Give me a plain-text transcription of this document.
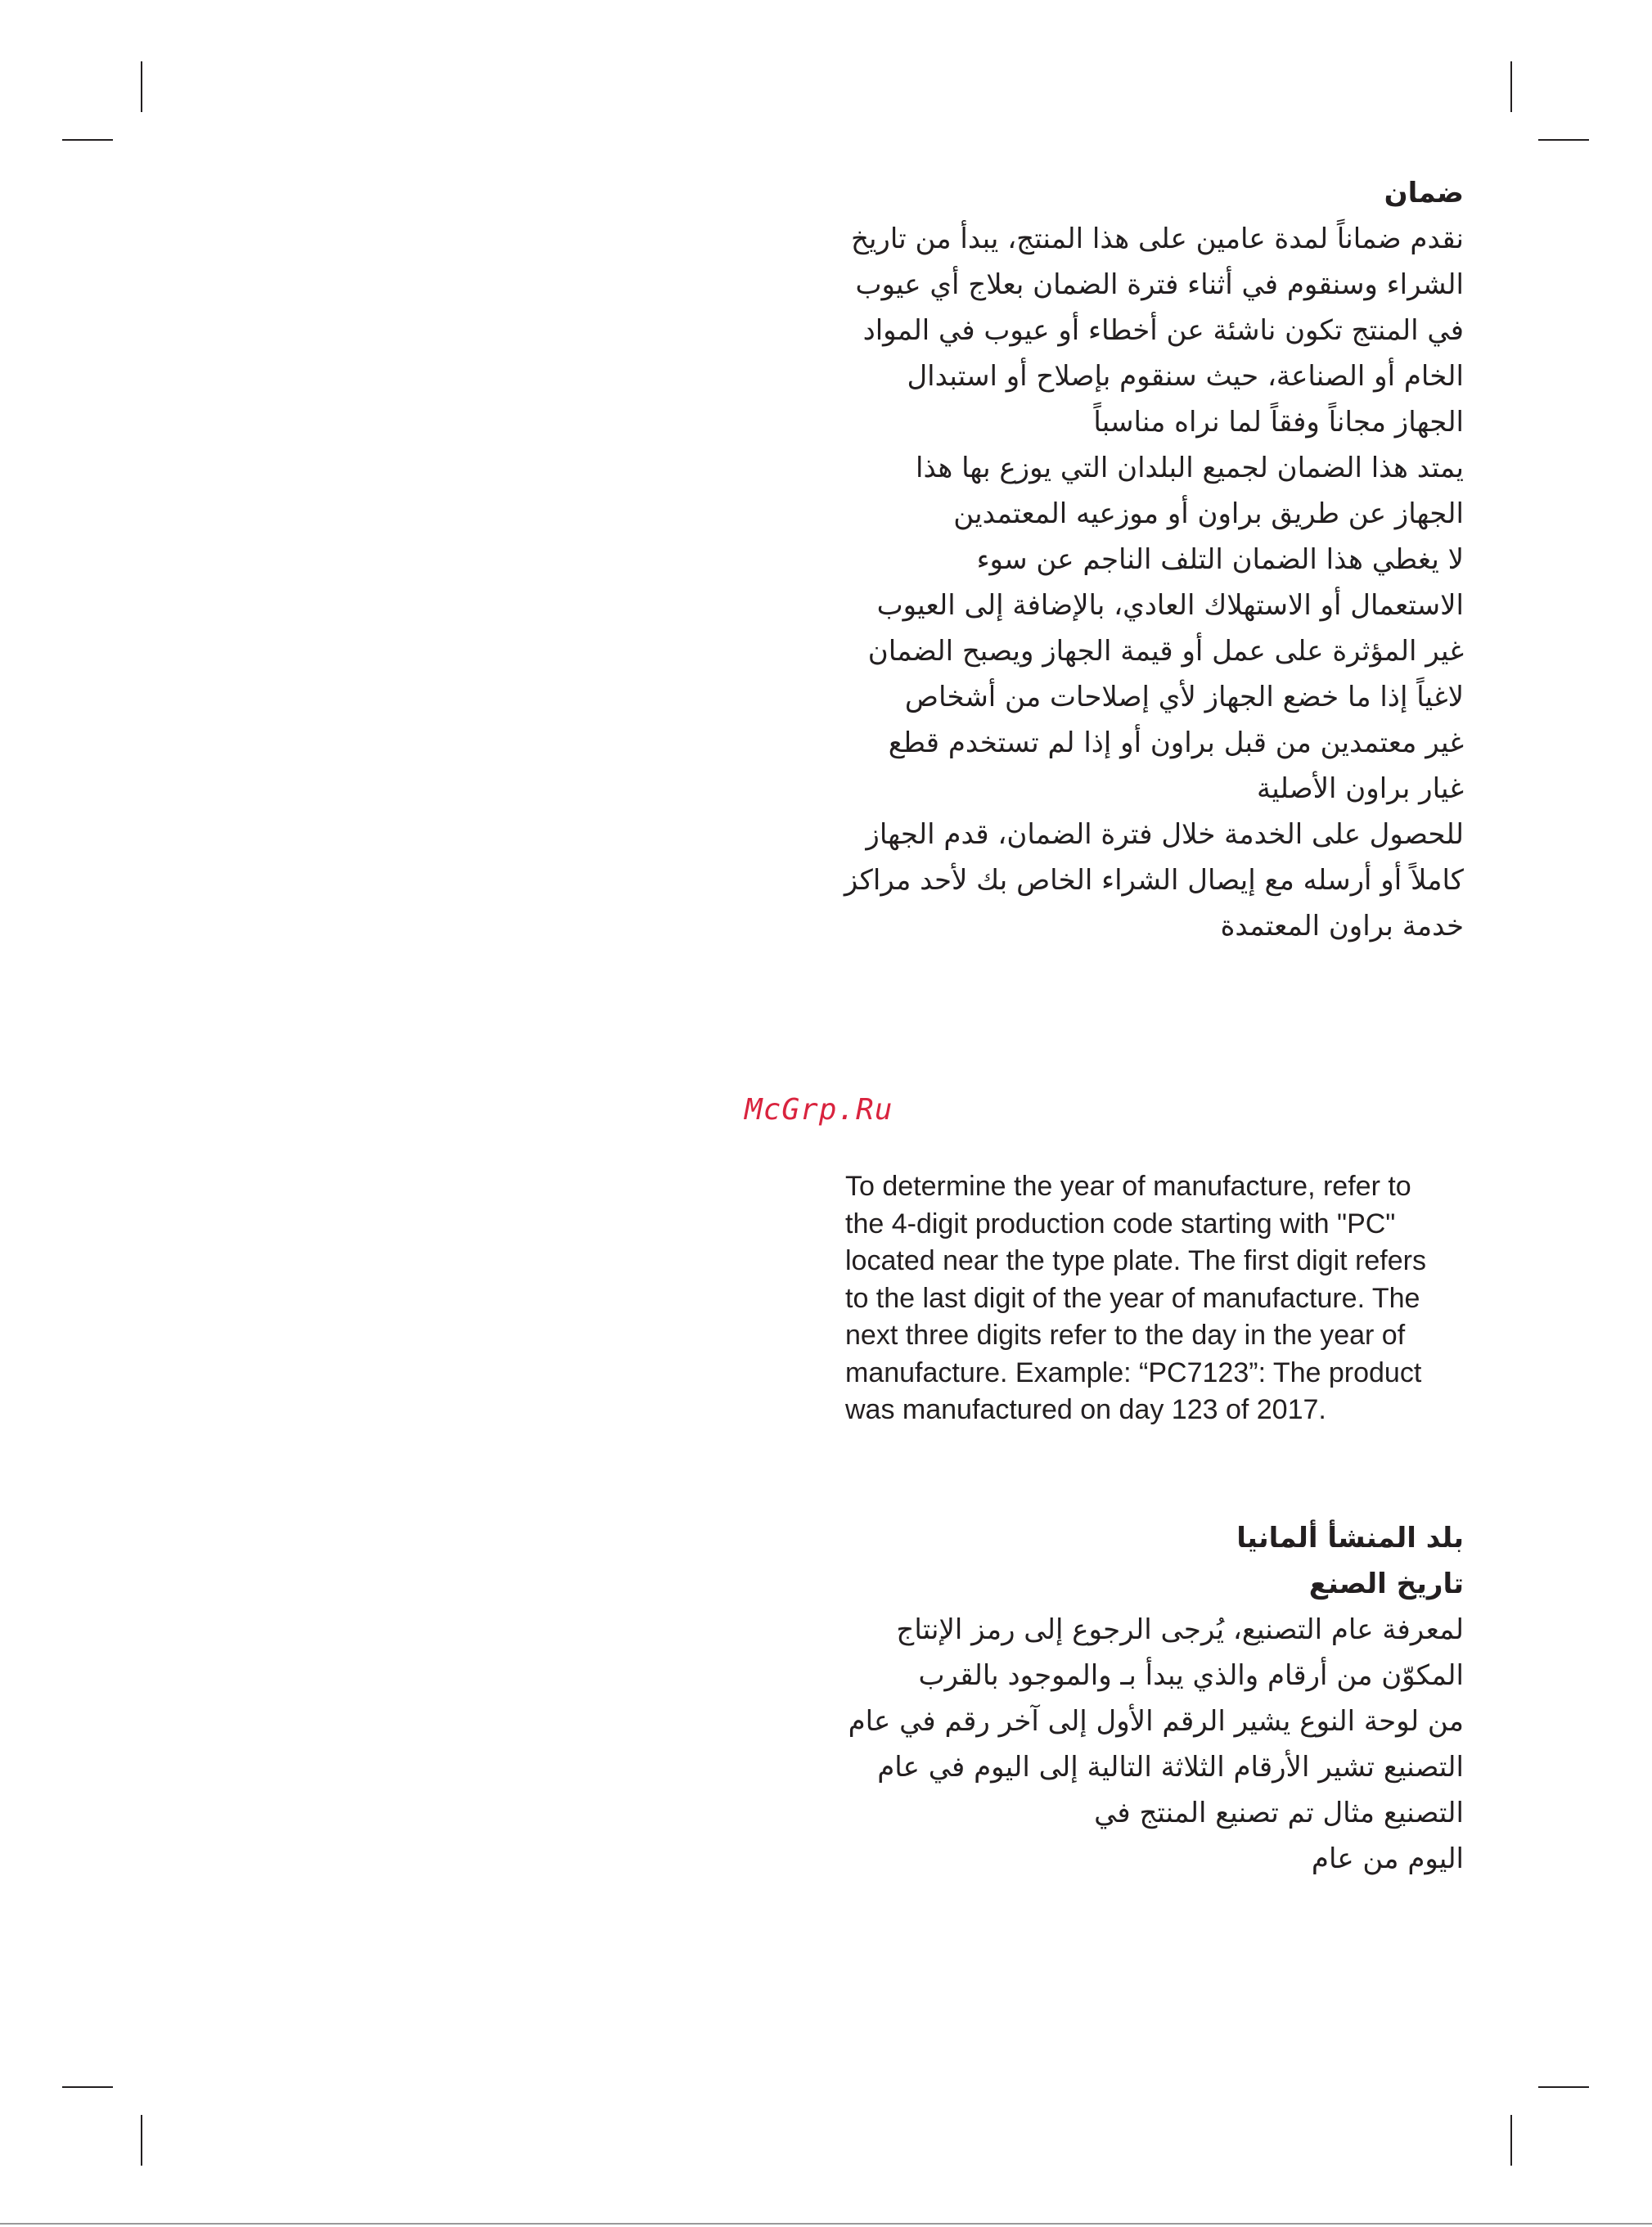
ضمان

نقدم ضماناً لمدة عامين على هذا المنتج، يبدأ من تاريخ

الشراء وسنقوم في أثناء فترة الضمان بعلاج أي عيوب

في المنتج تكون ناشئة عن أخطاء أو عيوب في المواد

الخام أو الصناعة، حيث سنقوم بإصلاح أو استبدال

الجهاز مجاناً وفقاً لما نراه مناسباً

يمتد هذا الضمان لجميع البلدان التي يوزع بها هذا

الجهاز عن طريق براون أو موزعيه المعتمدين

لا يغطي هذا الضمان التلف الناجم عن سوء

الاستعمال أو الاستهلاك العادي، بالإضافة إلى العيوب

غير المؤثرة على عمل أو قيمة الجهاز ويصبح الضمان

لاغياً إذا ما خضع الجهاز لأي إصلاحات من أشخاص

غير معتمدين من قبل براون أو إذا لم تستخدم قطع

غيار براون الأصلية

للحصول على الخدمة خلال فترة الضمان، قدم الجهاز

كاملاً أو أرسله مع إيصال الشراء الخاص بك لأحد مراكز

خدمة براون المعتمدة

McGrp.Ru

To determine the year of manufacture, refer to

the 4-digit production code starting with "PC"

located near the type plate. The first digit refers

to the last digit of the year of manufacture. The

next three digits refer to the day in the year of

manufacture. Example: “PC7123”: The product

was manufactured on day 123 of 2017.

بلد المنشأ ألمانيا
تاريخ الصنع

لمعرفة عام التصنيع، يُرجى الرجوع إلى رمز الإنتاج

المكوّن من أرقام والذي يبدأ بـ والموجود بالقرب

من لوحة النوع يشير الرقم الأول إلى آخر رقم في عام

التصنيع تشير الأرقام الثلاثة التالية إلى اليوم في عام

التصنيع مثال تم تصنيع المنتج في

اليوم من عام
